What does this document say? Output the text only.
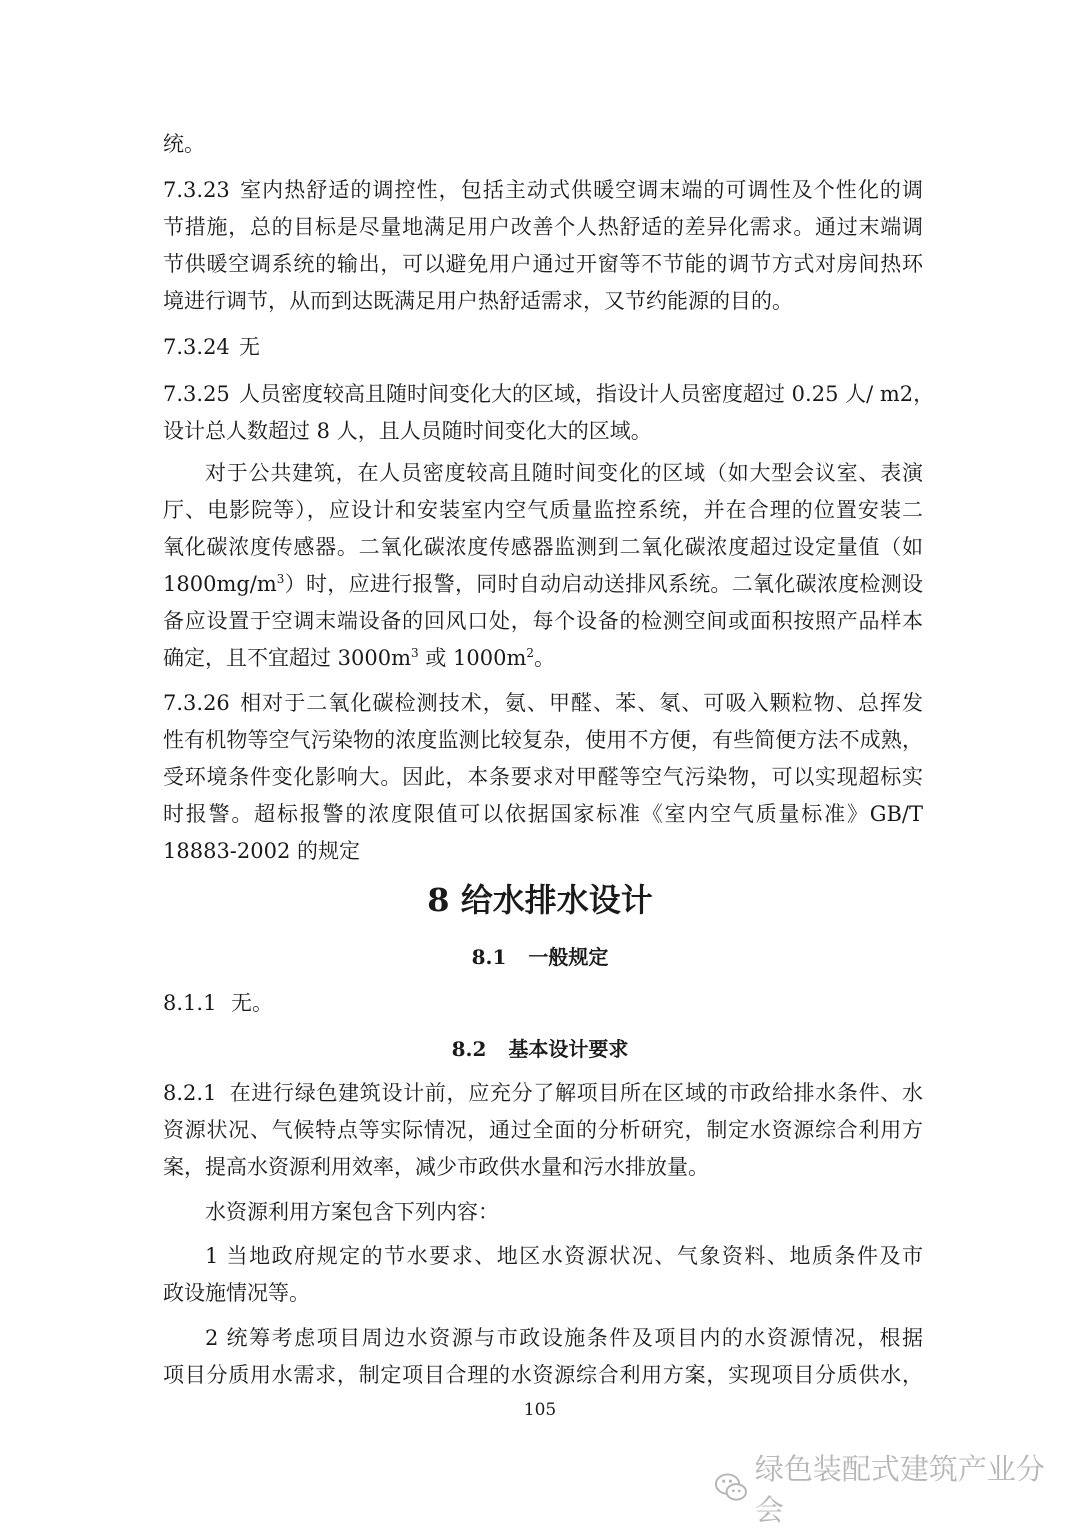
统。
7.3.23 室内热舒适的调控性，包括主动式供暖空调末端的可调性及个性化的调
节措施，总的目标是尽量地满足用户改善个人热舒适的差异化需求。通过末端调
节供暖空调系统的输出，可以避免用户通过开窗等不节能的调节方式对房间热环
境进行调节，从而到达既满足用户热舒适需求，又节约能源的目的。
7.3.24 无
7.3.25 人员密度较高且随时间变化大的区域，指设计人员密度超过 0.25 人/ m2，
设计总人数超过 8 人，且人员随时间变化大的区域。
对于公共建筑，在人员密度较高且随时间变化的区域（如大型会议室、表演
厅、电影院等），应设计和安装室内空气质量监控系统，并在合理的位置安装二
氧化碳浓度传感器。二氧化碳浓度传感器监测到二氧化碳浓度超过设定量值（如
$1800mg/m^3$）时，应进行报警，同时自动启动送排风系统。二氧化碳浓度检测设
备应设置于空调末端设备的回风口处，每个设备的检测空间或面积按照产品样本
确定，且不宜超过 $3000m^3$ 或 $1000m^2$。
7.3.26 相对于二氧化碳检测技术，氨、甲醛、苯、氡、可吸入颗粒物、总挥发
性有机物等空气污染物的浓度监测比较复杂，使用不方便，有些简便方法不成熟，
受环境条件变化影响大。因此，本条要求对甲醛等空气污染物，可以实现超标实
时报警。超标报警的浓度限值可以依据国家标准《室内空气质量标准》GB/T
18883-2002 的规定
8 给水排水设计
8.1 一般规定
8.1.1 无。
8.2 基本设计要求
8.2.1 在进行绿色建筑设计前，应充分了解项目所在区域的市政给排水条件、水
资源状况、气候特点等实际情况，通过全面的分析研究，制定水资源综合利用方
案，提高水资源利用效率，减少市政供水量和污水排放量。
水资源利用方案包含下列内容：
1 当地政府规定的节水要求、地区水资源状况、气象资料、地质条件及市
政设施情况等。
2 统筹考虑项目周边水资源与市政设施条件及项目内的水资源情况，根据
项目分质用水需求，制定项目合理的水资源综合利用方案，实现项目分质供水，
105
绿色装配式建筑产业分会
